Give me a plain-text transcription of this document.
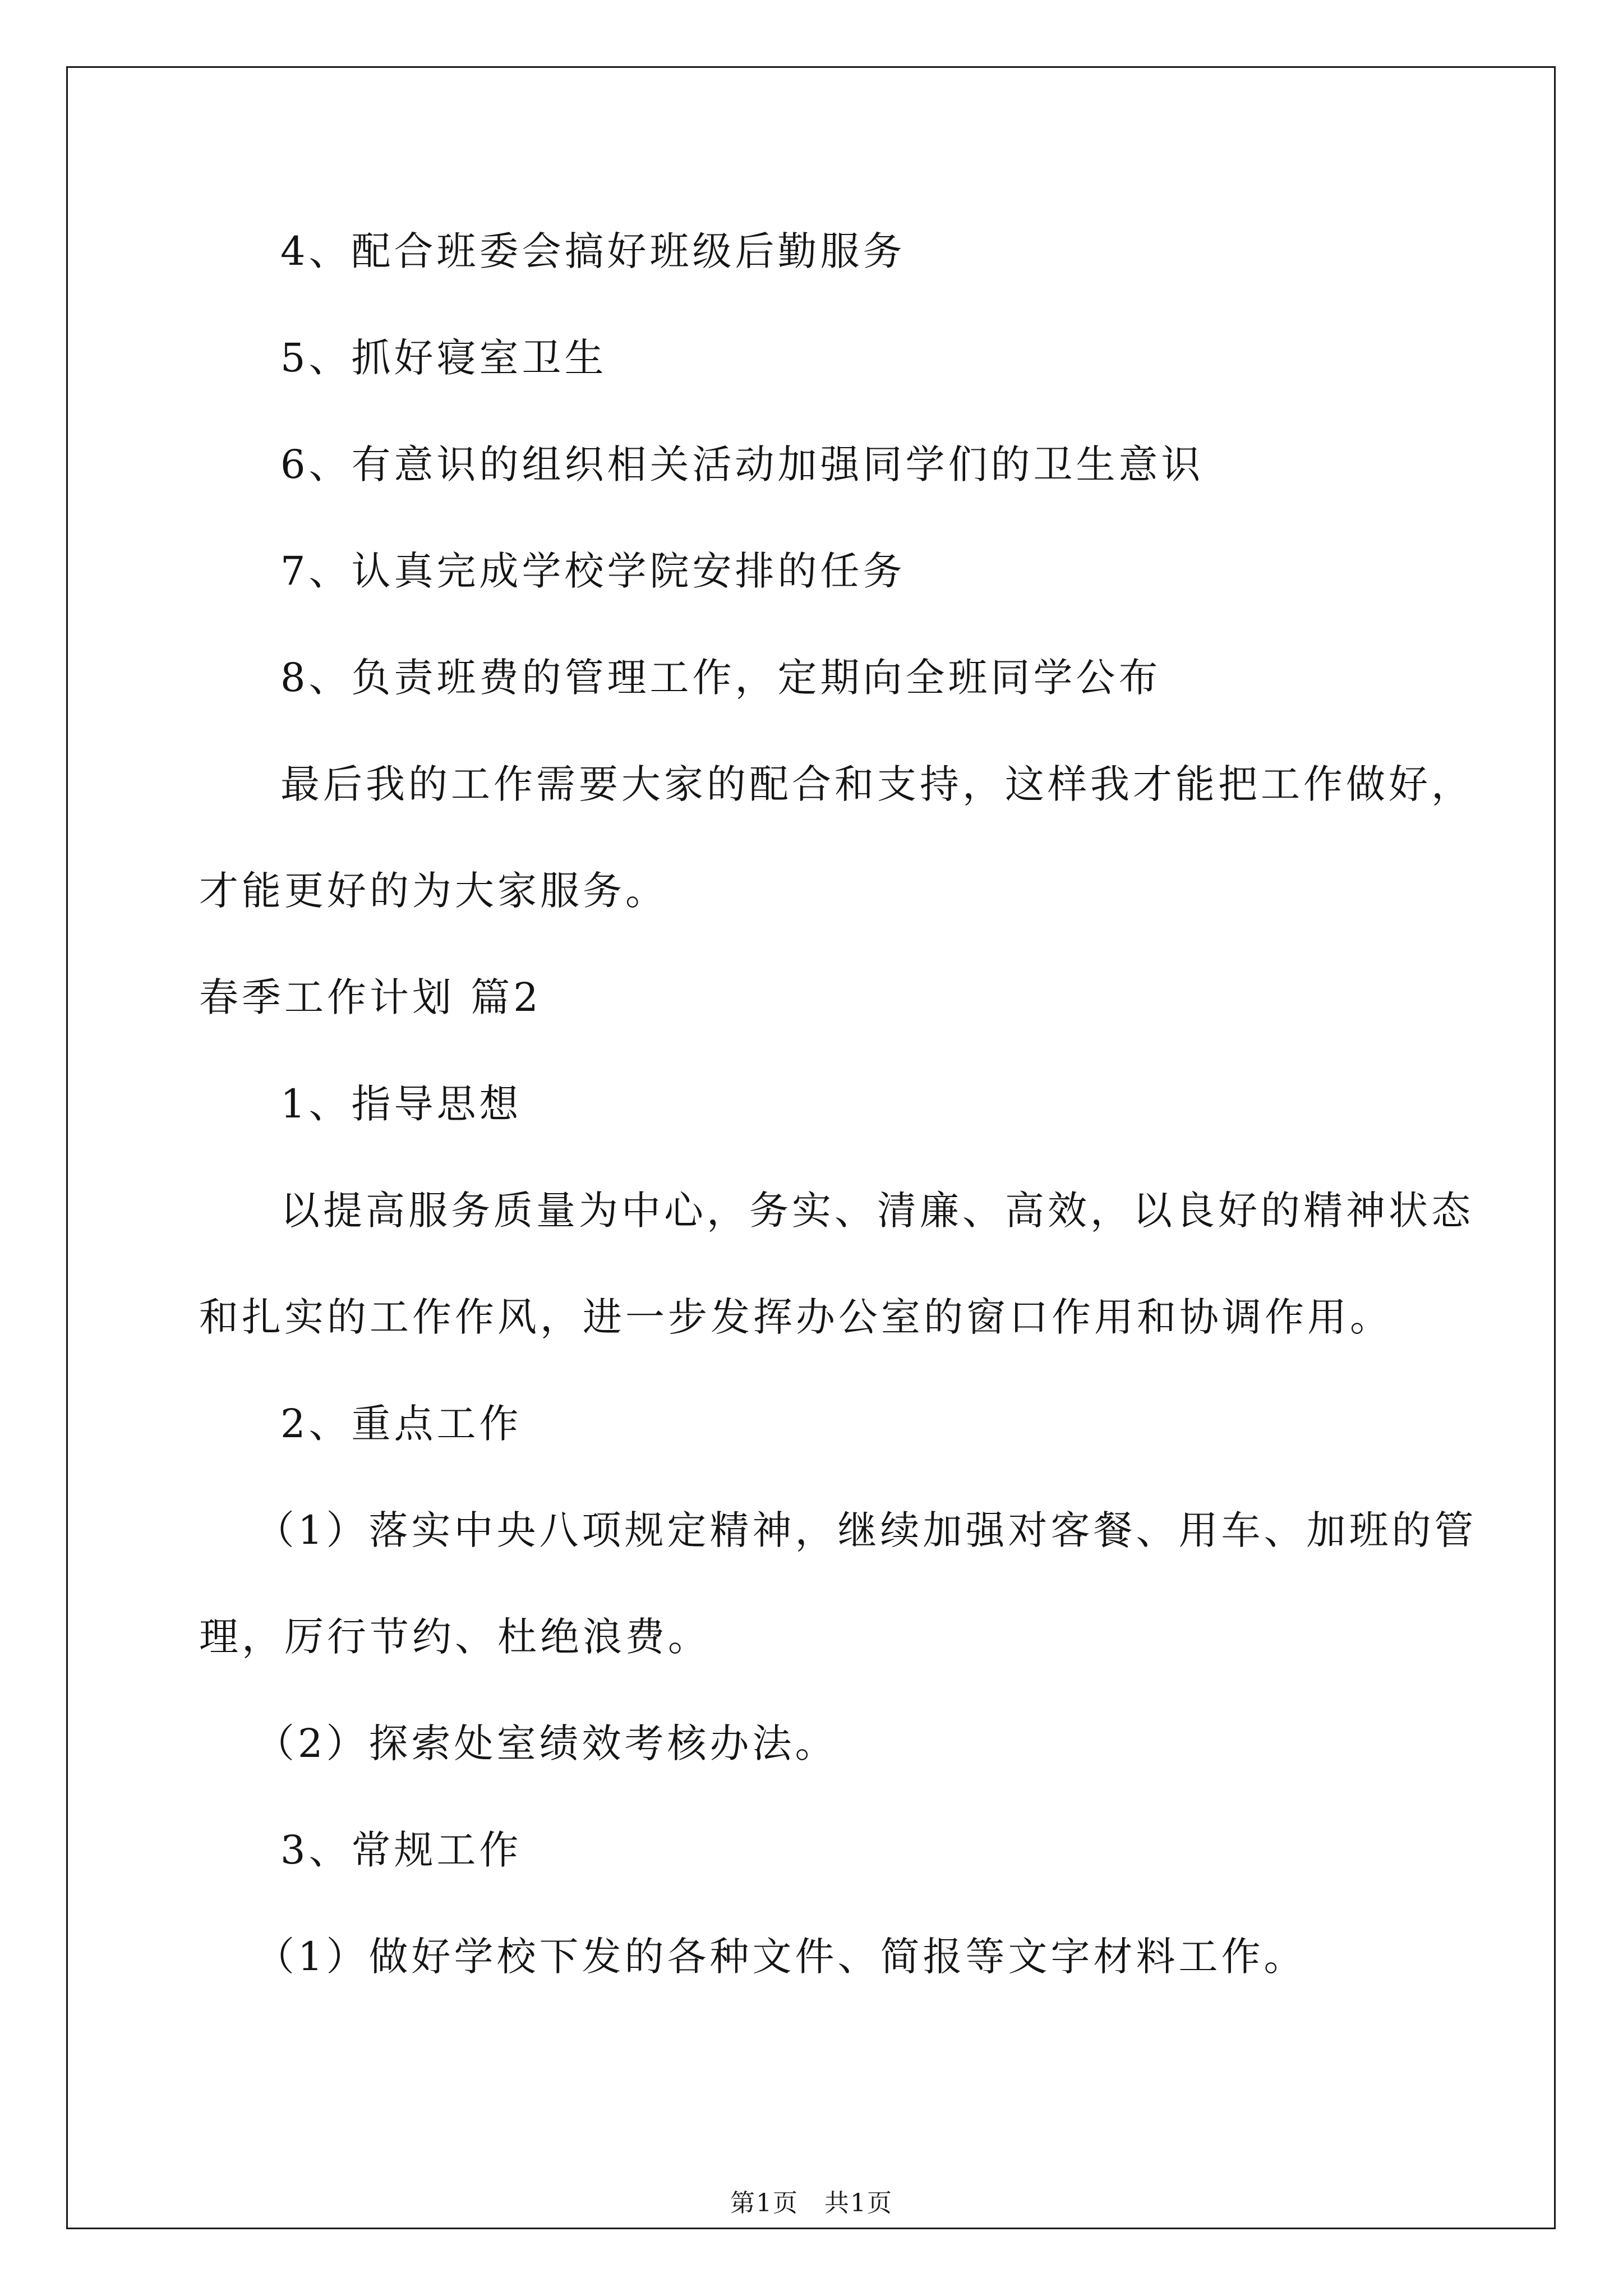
4、配合班委会搞好班级后勤服务
5、抓好寝室卫生
6、有意识的组织相关活动加强同学们的卫生意识
7、认真完成学校学院安排的任务
8、负责班费的管理工作，定期向全班同学公布
最后我的工作需要大家的配合和支持，这样我才能把工作做好，
才能更好的为大家服务。
春季工作计划 篇2
1、指导思想
以提高服务质量为中心，务实、清廉、高效，以良好的精神状态
和扎实的工作作风，进一步发挥办公室的窗口作用和协调作用。
2、重点工作
（1）落实中央八项规定精神，继续加强对客餐、用车、加班的管
理，厉行节约、杜绝浪费。
（2）探索处室绩效考核办法。
3、常规工作
（1）做好学校下发的各种文件、简报等文字材料工作。
第1页　共1页
